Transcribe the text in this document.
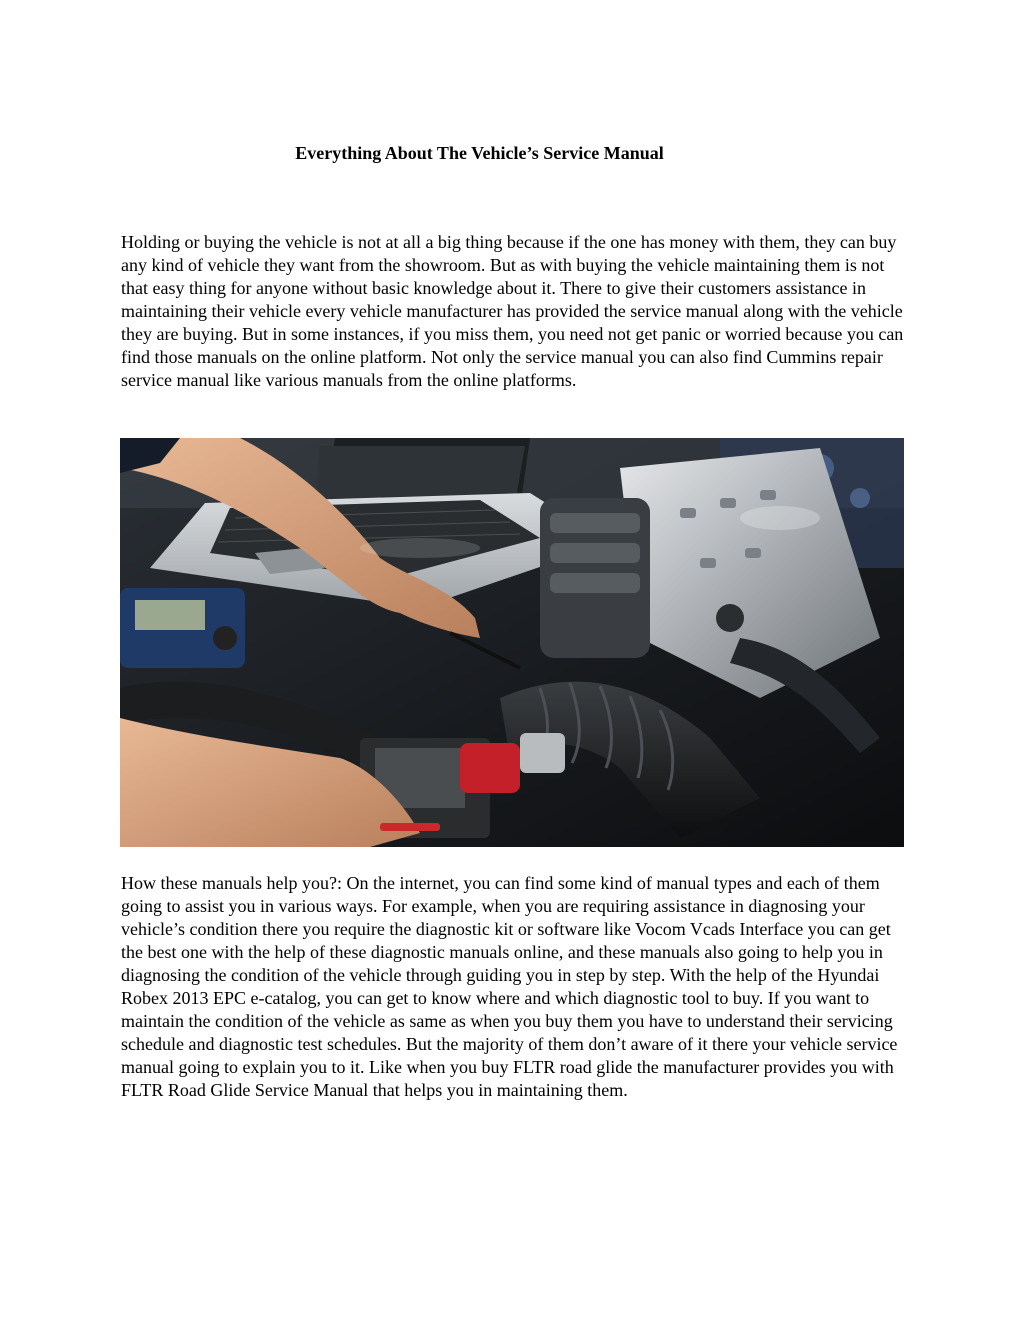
Everything About The Vehicle’s Service Manual

Holding or buying the vehicle is not at all a big thing because if the one has money with them, they can buy any kind of vehicle they want from the showroom. But as with buying the vehicle maintaining them is not that easy thing for anyone without basic knowledge about it. There to give their customers assistance in maintaining their vehicle every vehicle manufacturer has provided the service manual along with the vehicle they are buying. But in some instances, if you miss them, you need not get panic or worried because you can find those manuals on the online platform. Not only the service manual you can also find Cummins repair service manual like various manuals from the online platforms.

How these manuals help you?: On the internet, you can find some kind of manual types and each of them going to assist you in various ways. For example, when you are requiring assistance in diagnosing your vehicle’s condition there you require the diagnostic kit or software like Vocom Vcads Interface you can get the best one with the help of these diagnostic manuals online, and these manuals also going to help you in diagnosing the condition of the vehicle through guiding you in step by step. With the help of the Hyundai Robex 2013 EPC e-catalog, you can get to know where and which diagnostic tool to buy. If you want to maintain the condition of the vehicle as same as when you buy them you have to understand their servicing schedule and diagnostic test schedules. But the majority of them don’t aware of it there your vehicle service manual going to explain you to it. Like when you buy FLTR road glide the manufacturer provides you with FLTR Road Glide Service Manual that helps you in maintaining them.
